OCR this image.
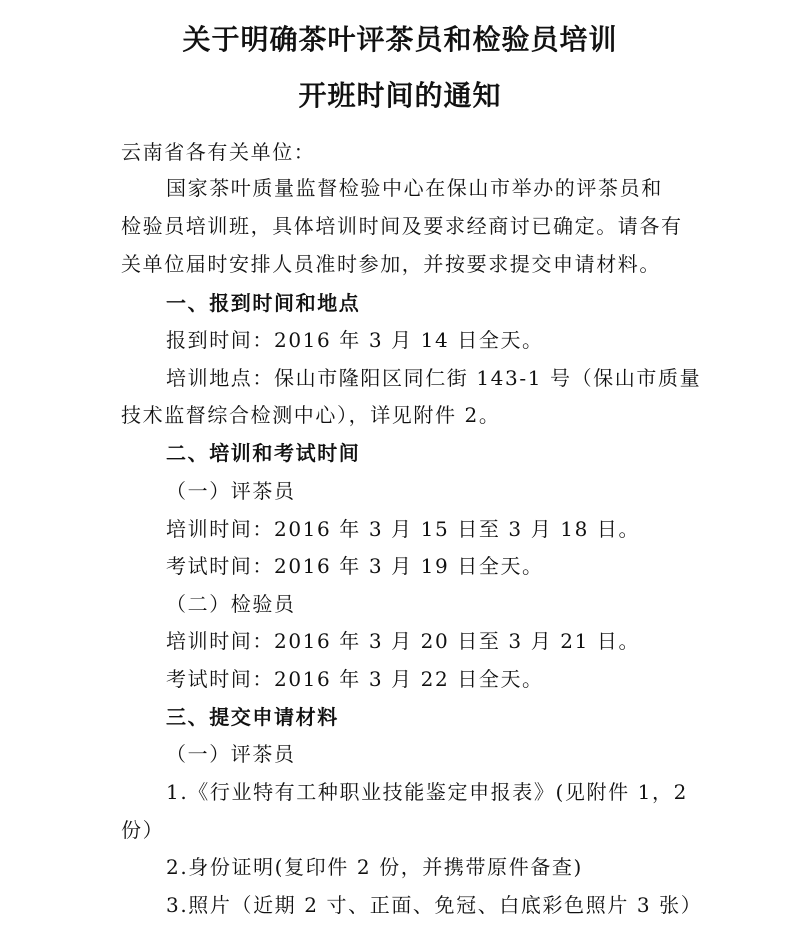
关于明确茶叶评茶员和检验员培训
开班时间的通知
云南省各有关单位：
国家茶叶质量监督检验中心在保山市举办的评茶员和
检验员培训班，具体培训时间及要求经商讨已确定。请各有
关单位届时安排人员准时参加，并按要求提交申请材料。
一、报到时间和地点
报到时间：2016 年 3 月 14 日全天。
培训地点：保山市隆阳区同仁街 143-1 号（保山市质量
技术监督综合检测中心），详见附件 2。
二、培训和考试时间
（一）评茶员
培训时间：2016 年 3 月 15 日至 3 月 18 日。
考试时间：2016 年 3 月 19 日全天。
（二）检验员
培训时间：2016 年 3 月 20 日至 3 月 21 日。
考试时间：2016 年 3 月 22 日全天。
三、提交申请材料
（一）评茶员
1.《行业特有工种职业技能鉴定申报表》(见附件 1，2
份）
2.身份证明(复印件 2 份，并携带原件备查)
3.照片（近期 2 寸、正面、免冠、白底彩色照片 3 张）
